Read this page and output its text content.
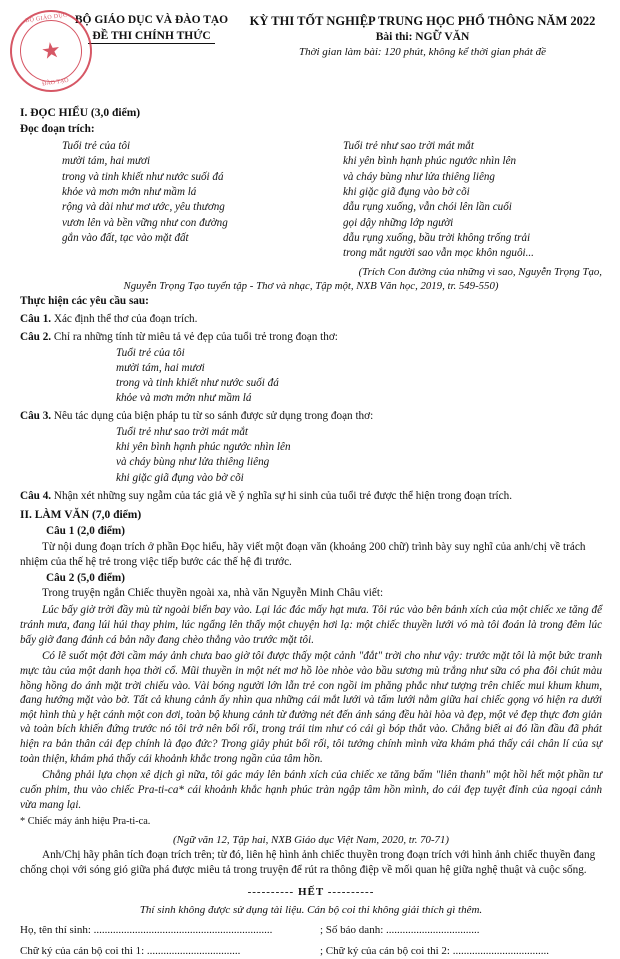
BỘ GIÁO DỤC
★
ĐÀO TẠO
BỘ GIÁO DỤC VÀ ĐÀO TẠO
ĐỀ THI CHÍNH THỨC
KỲ THI TỐT NGHIỆP TRUNG HỌC PHỔ THÔNG NĂM 2022
Bài thi: NGỮ VĂN
Thời gian làm bài: 120 phút, không kể thời gian phát đề
I. ĐỌC HIỂU (3,0 điểm)
Đọc đoạn trích:
Tuổi trẻ của tôi
mười tám, hai mươi
trong và tinh khiết như nước suối đá
khỏe và mơn mởn như mầm lá
rộng và dài như mơ ước, yêu thương
vươn lên và bền vững như con đường
gắn vào đất, tạc vào mặt đất
Tuổi trẻ như sao trời mát mắt
khi yên bình hạnh phúc ngước nhìn lên
và cháy bùng như lửa thiêng liêng
khi giặc giã đụng vào bờ cõi
dẫu rụng xuống, vẫn chói lên lần cuối
gọi dậy những lớp người
dẫu rụng xuống, bầu trời không trống trải
trong mắt người sao vẫn mọc khôn nguôi...
(Trích Con đường của những vì sao, Nguyễn Trọng Tạo,
Nguyễn Trọng Tạo tuyển tập - Thơ và nhạc, Tập một, NXB Văn học, 2019, tr. 549-550)
Thực hiện các yêu cầu sau:
Câu 1. Xác định thể thơ của đoạn trích.
Câu 2. Chỉ ra những tính từ miêu tả vẻ đẹp của tuổi trẻ trong đoạn thơ:
Tuổi trẻ của tôi
mười tám, hai mươi
trong và tinh khiết như nước suối đá
khỏe và mơn mởn như mầm lá
Câu 3. Nêu tác dụng của biện pháp tu từ so sánh được sử dụng trong đoạn thơ:
Tuổi trẻ như sao trời mát mắt
khi yên bình hạnh phúc ngước nhìn lên
và cháy bùng như lửa thiêng liêng
khi giặc giã đụng vào bờ cõi
Câu 4. Nhận xét những suy ngẫm của tác giả về ý nghĩa sự hi sinh của tuổi trẻ được thể hiện trong đoạn trích.
II. LÀM VĂN (7,0 điểm)
Câu 1 (2,0 điểm)
Từ nội dung đoạn trích ở phần Đọc hiểu, hãy viết một đoạn văn (khoảng 200 chữ) trình bày suy nghĩ của anh/chị về trách nhiệm của thế hệ trẻ trong việc tiếp bước các thế hệ đi trước.
Câu 2 (5,0 điểm)
Trong truyện ngắn Chiếc thuyền ngoài xa, nhà văn Nguyễn Minh Châu viết:
Lúc bấy giờ trời đầy mù từ ngoài biển bay vào. Lại lác đác mấy hạt mưa. Tôi rúc vào bên bánh xích của một chiếc xe tăng để tránh mưa, đang lúi húi thay phim, lúc ngẩng lên thấy một chuyện hơi lạ: một chiếc thuyền lưới vó mà tôi đoán là trong đêm lúc bấy giờ đang đánh cá bản nãy đang chèo thẳng vào trước mặt tôi.
Có lẽ suốt một đời cầm máy ảnh chưa bao giờ tôi được thấy một cảnh "đắt" trời cho như vậy: trước mặt tôi là một bức tranh mực tàu của một danh họa thời cổ. Mũi thuyền in một nét mơ hồ lòe nhòe vào bầu sương mù trắng như sữa có pha đôi chút màu hồng hồng do ánh mặt trời chiếu vào. Vài bóng người lớn lẫn trẻ con ngồi im phăng phắc như tượng trên chiếc mui khum khum, đang hướng mặt vào bờ. Tất cả khung cảnh ấy nhìn qua những cái mắt lưới và tấm lưới nằm giữa hai chiếc gọng vó hiện ra dưới một hình thù y hệt cánh một con dơi, toàn bộ khung cảnh từ đường nét đến ánh sáng đều hài hòa và đẹp, một vẻ đẹp thực đơn giản và toàn bích khiến đứng trước nó tôi trở nên bối rối, trong trái tim như có cái gì bóp thắt vào. Chẳng biết ai đó lần đầu đã phát hiện ra bản thân cái đẹp chính là đạo đức? Trong giây phút bối rối, tôi tưởng chính mình vừa khám phá thấy cái chân lí của sự toàn thiện, khám phá thấy cái khoảnh khắc trong ngần của tâm hồn.
Chẳng phải lựa chọn xê dịch gì nữa, tôi gác máy lên bánh xích của chiếc xe tăng bấm "liên thanh" một hồi hết một phần tư cuốn phim, thu vào chiếc Pra-ti-ca* cái khoảnh khắc hạnh phúc tràn ngập tâm hồn mình, do cái đẹp tuyệt đỉnh của ngoại cảnh vừa mang lại.
* Chiếc máy ảnh hiệu Pra-ti-ca.
(Ngữ văn 12, Tập hai, NXB Giáo dục Việt Nam, 2020, tr. 70-71)
Anh/Chị hãy phân tích đoạn trích trên; từ đó, liên hệ hình ảnh chiếc thuyền trong đoạn trích với hình ảnh chiếc thuyền đang chống chọi với sóng gió giữa phá được miêu tả trong truyện để rút ra thông điệp về mối quan hệ giữa nghệ thuật và cuộc sống.
---------- HẾT ----------
Thí sinh không được sử dụng tài liệu. Cán bộ coi thi không giải thích gì thêm.
Họ, tên thí sinh: .................................................................	; Số báo danh: ..................................
Chữ ký của cán bộ coi thi 1: ..................................	; Chữ ký của cán bộ coi thi 2: ...................................
